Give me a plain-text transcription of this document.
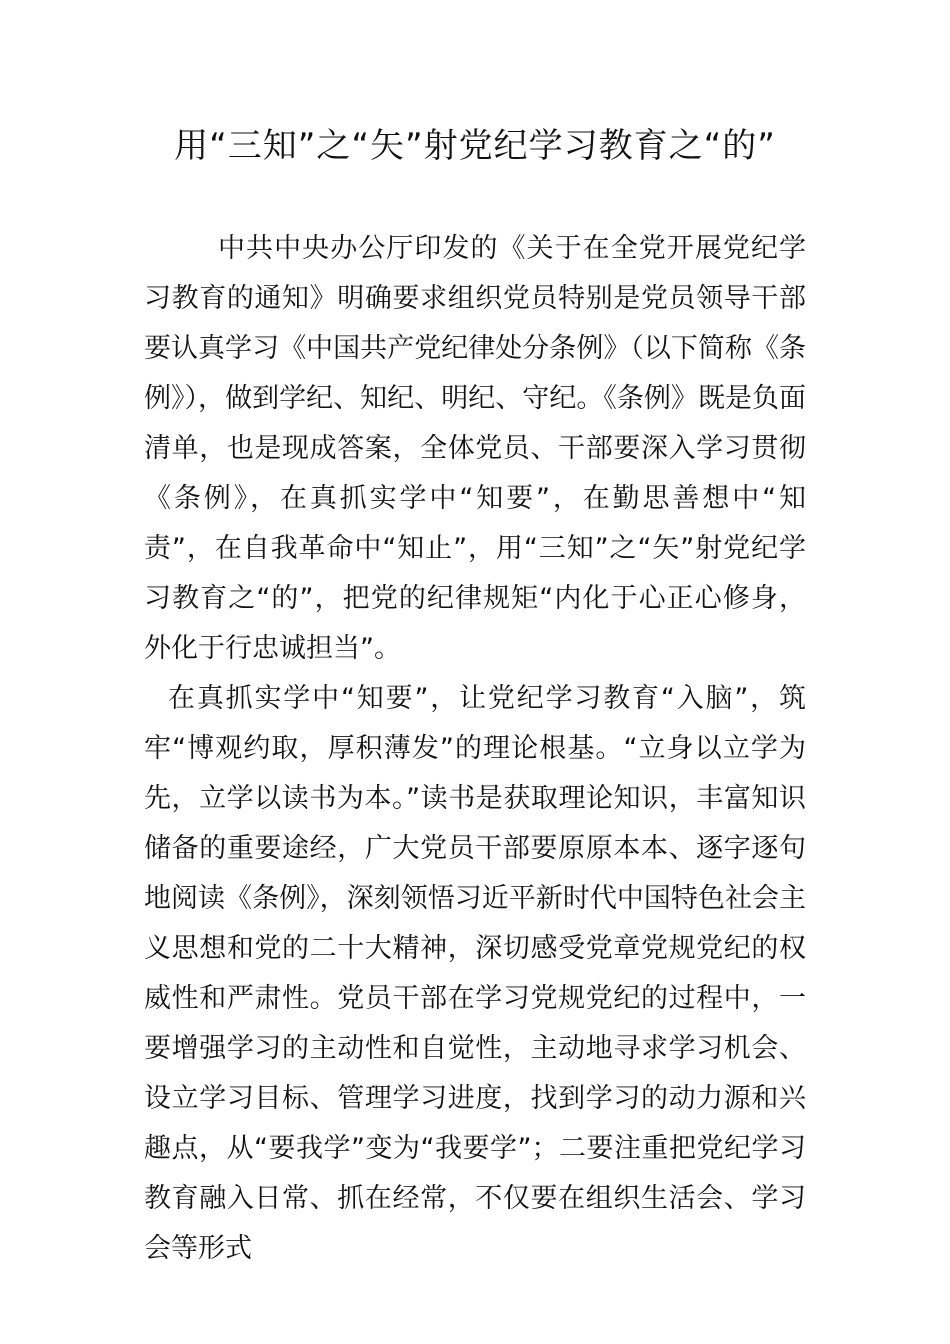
用“三知”之“矢”射党纪学习教育之“的”

中共中央办公厅印发的《关于在全党开展党纪学习教育的通知》明确要求组织党员特别是党员领导干部要认真学习《中国共产党纪律处分条例》（以下简称《条例》），做到学纪、知纪、明纪、守纪。《条例》既是负面清单，也是现成答案，全体党员、干部要深入学习贯彻《条例》，在真抓实学中“知要”，在勤思善想中“知责”，在自我革命中“知止”，用“三知”之“矢”射党纪学习教育之“的”，把党的纪律规矩“内化于心正心修身，外化于行忠诚担当”。

在真抓实学中“知要”，让党纪学习教育“入脑”，筑牢“博观约取，厚积薄发”的理论根基。“立身以立学为先，立学以读书为本。”读书是获取理论知识，丰富知识储备的重要途经，广大党员干部要原原本本、逐字逐句地阅读《条例》，深刻领悟习近平新时代中国特色社会主义思想和党的二十大精神，深切感受党章党规党纪的权威性和严肃性。党员干部在学习党规党纪的过程中，一要增强学习的主动性和自觉性，主动地寻求学习机会、设立学习目标、管理学习进度，找到学习的动力源和兴趣点，从“要我学”变为“我要学”；二要注重把党纪学习教育融入日常、抓在经常，不仅要在组织生活会、学习会等形式
